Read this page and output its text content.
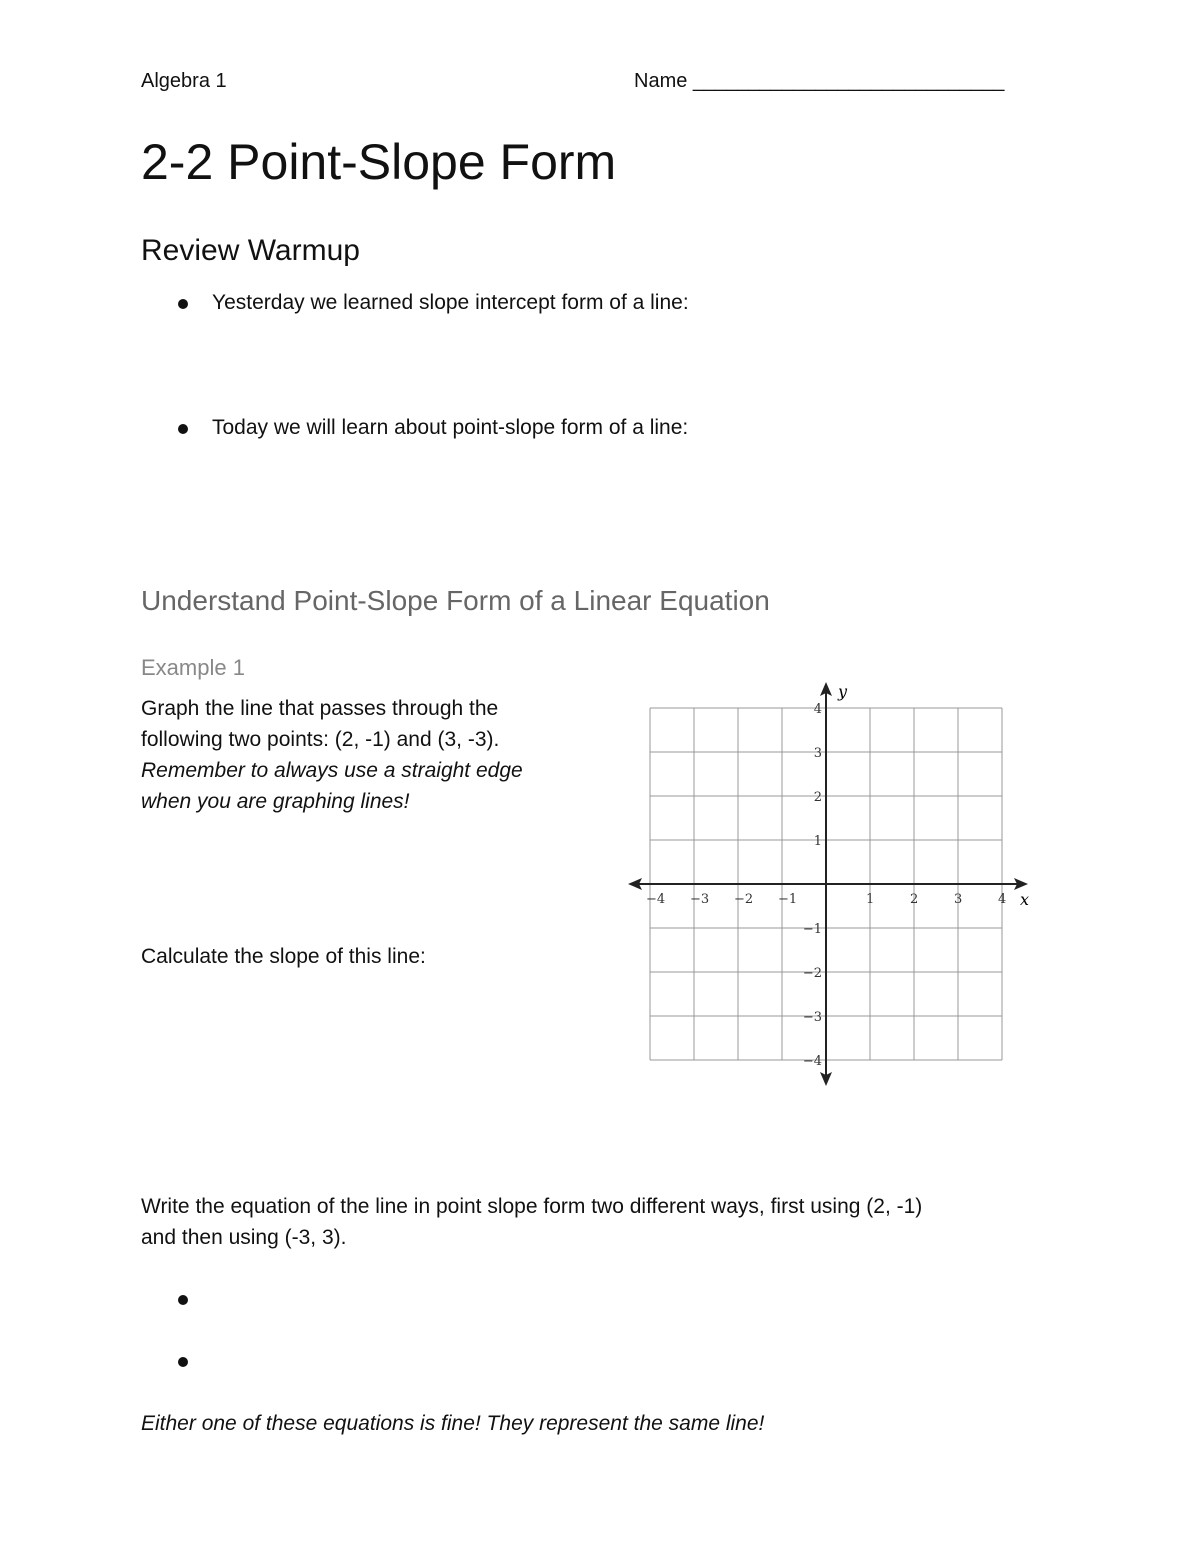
Algebra 1	Name ____________________________
2-2 Point-Slope Form
Review Warmup
Yesterday we learned slope intercept form of a line:
Today we will learn about point-slope form of a line:
Understand Point-Slope Form of a Linear Equation
Example 1
Graph the line that passes through the
following two points: (2, -1) and (3, -3).
Remember to always use a straight edge
when you are graphing lines!
Calculate the slope of this line:
−4 −3 −2 −1	1	2	3	4
4
3
2
1
−1
−2
−3
−4
x
y
Write the equation of the line in point slope form two different ways, first using (2, -1)
and then using (-3, 3).
Either one of these equations is fine! They represent the same line!
